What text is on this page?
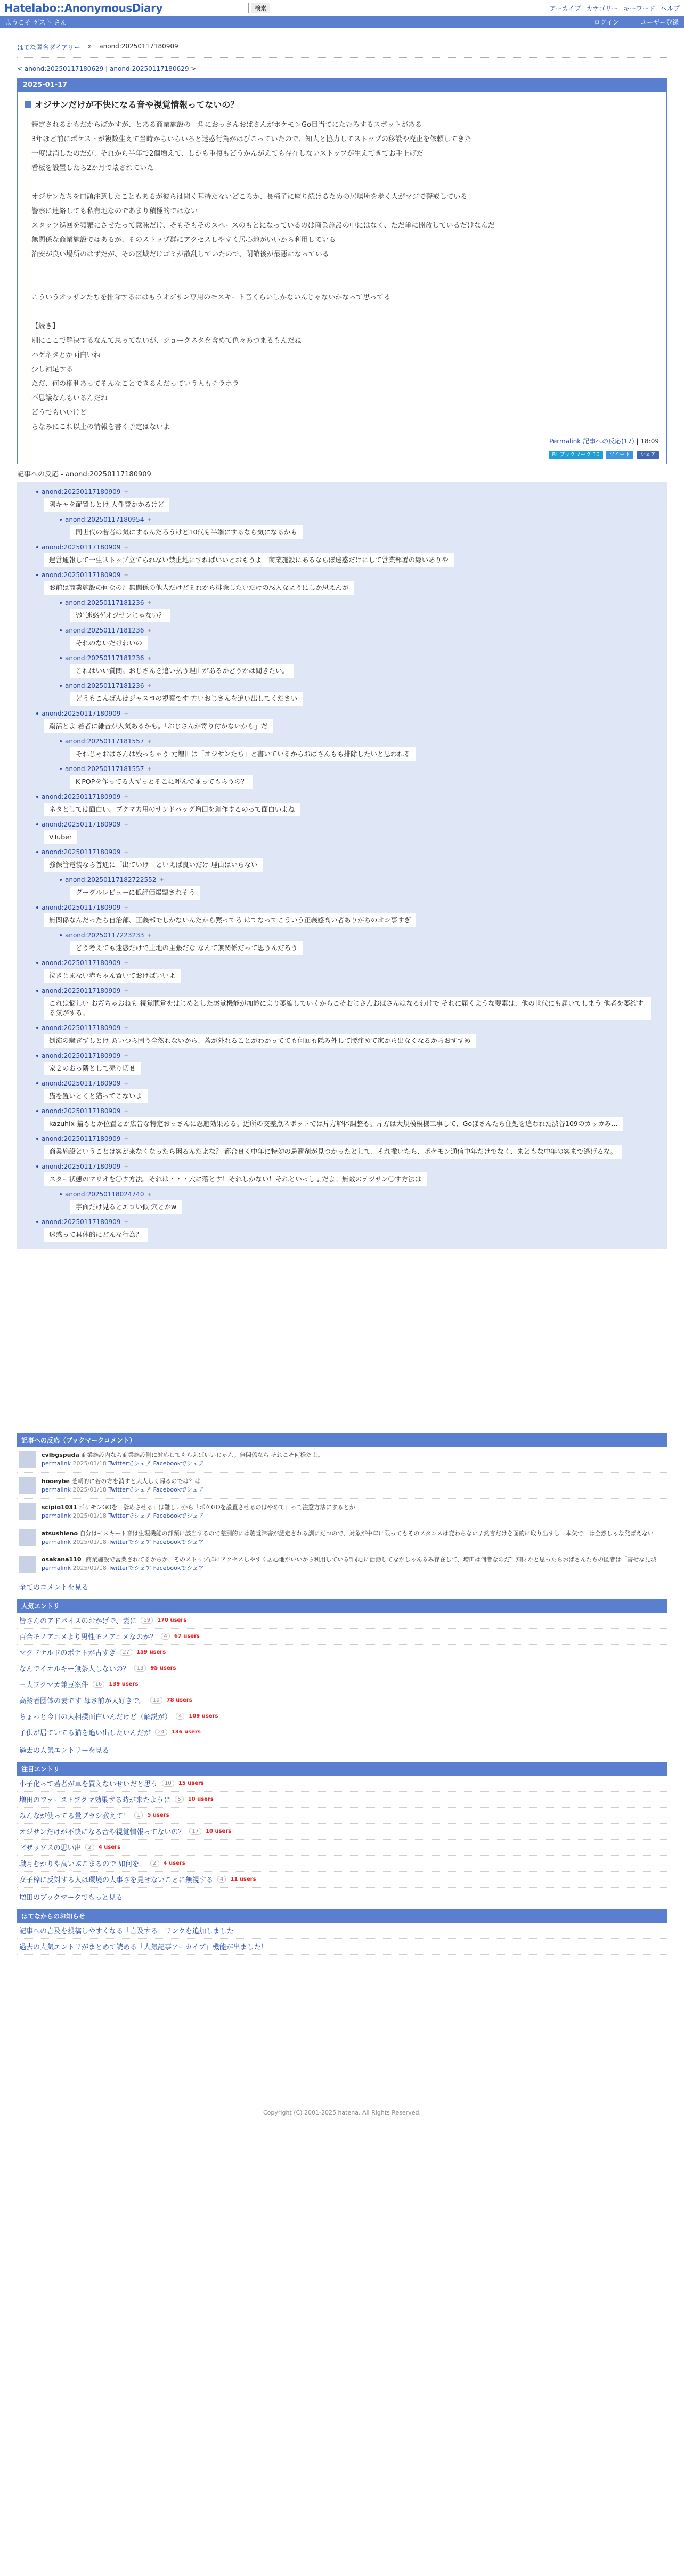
Hatelabo::AnonymousDiary	検索	アーカイブ カテゴリー キーワード ヘルプ
ようこそ ゲスト さん	ログイン	ユーザー登録
はてな匿名ダイアリー » anond:20250117180909
< anond:20250117180629 | anond:20250117180629 >
2025-01-17
オジサンだけが不快になる音や視覚情報ってないの？

特定されるかもだからぼかすが、とある商業施設の一角におっさんおばさんがポケモンGo目当てにたむろするスポットがある

3年ほど前にポケストが複数生えて当時からいらいろと迷惑行為がはびこっていたので、知人と協力してストップの移設や廃止を依頼してきた

一度は消したのだが、それから半年で2個増えて、しかも重複もどうかんがえても存在しないストップが生えてきてお手上げだ

看板を設置したら2か月で壊されていた

オジサンたちを口頭注意したこともあるが彼らは聞く耳持たないどころか、長椅子に座り続けるための居場所を歩く人がマジで警戒している

警察に連絡しても私有地なのであまり積極的ではない

スタッフ巡回を頻繁にさせたって意味だけ、そもそもそのスペースのもとになっているのは商業施設の中にはなく、ただ単に開放しているだけなんだ

無関係な商業施設ではあるが、そのストップ群にアクセスしやすく居心地がいいから利用している

治安が良い場所のはずだが、その区域だけゴミが散乱していたので、閉館後が最悪になっている

こういうオッサンたちを排除するにはもうオジサン専用のモスキート音くらいしかないんじゃないかなって思ってる

【続き】

別にここで解決するなんて思ってないが、ジョークネタを含めて色々あつまるもんだね

ハゲネタとか面白いね

少し補足する

ただ、何の権利あってそんなことできるんだっていう人もチラホラ

不思議なんもいるんだね

どうでもいいけど

ちなみにこれ以上の情報を書く予定はないよ

Permalink 記事への反応(17) | 18:09
B! ブックマーク 10	ツイート	シェア
記事への反応 - anond:20250117180909
anond:20250117180909 +
陽キャを配置しとけ 人件費かかるけど
anond:20250117180954 +
同世代の若者は気にするんだろうけど10代も半端にするなら気になるかも
anond:20250117180909 +
運営通報して一生ストップ立てられない禁止地にすればいいとおもうよ　商業施設にあるならぼ迷惑だけにして営業部署の縁いありや
anond:20250117180909 +
お前は商業施設の何なの？無関係の他人だけどそれから排除したいだけの忍入なようにしか思えんが
anond:20250117181236 +
ﾔﾀﾞ迷惑ゲオジサンじゃない？
anond:20250117181236 +
それのないだけわいの
anond:20250117181236 +
これはいい質問。おじさんを追い払う理由があるかどうかは聞きたい。
anond:20250117181236 +
どうもこんばんはジャスコの視察です 方いおじさんを追い出してください
anond:20250117180909 +
蹴活とよ 若者に雑音が人気あるかも。「おじさんが寄り付かないから」だ
anond:20250117181557 +
それじゃおばさんは残っちゃう 元増田は「オジサンたち」と書いているからおばさんもも排除したいと思われる
anond:20250117181557 +
K-POPを作ってる人ずっとそこに呼んで並ってもらうの？
anond:20250117180909 +
ネタとしては面白い。ブクマ力用のサンドバッグ増田を創作するのって面白いよね
anond:20250117180909 +
VTuber
anond:20250117180909 +
強保管電装なら普通に「出ていけ」といえば良いだけ 理由はいらない
anond:20250117182722552 +
グーグルレビューに低評価爆撃されそう
anond:20250117180909 +
無関係なんだったら自治部、正義部でしかないんだから黙ってろ はてなってこういう正義感高い者ありがちのオシ事すぎ
anond:20250117223233 +
どう考えても迷惑だけで土地の主張だな なんて無関係だって思うんだろう
anond:20250117180909 +
泣きじまない赤ちゃん置いておけばいいよ
anond:20250117180909 +
これは悩しい おぢちゃおねも 視覚聴覚をはじめとした感覚機能が加齢により萎縮していくからこそおじさんおばさんはなるわけで それに届くような要素は、他の世代にも届いてしまう 他者を萎縮する気がする。
anond:20250117180909 +
倒演の騒ぎずしとけ あいつら固う全然れないから、蓋が外れることがわかってても何回も隠み外して腰痛めて家から出なくなるからおすすめ
anond:20250117180909 +
家２のおっ隣として売り切せ
anond:20250117180909 +
猫を置いとくと猫ってこないよ
anond:20250117180909 +
kazuhix 猫もとか位置とか広告な特定おっさんに忍避効果ある。近所の交差点スポットでは片方解体調整も。片方は大規模模様工事して、Goぼさんたち住処を追われた渋谷109のカッカみ…
anond:20250117180909 +
商業施設ということは客が来なくなったら困るんだよな？ 都合良く中年に特効の忌避剤が見つかったとして、それ撒いたら、ポケモン通信中年だけでなく、まともな中年の客まで逃げるな。
anond:20250117180909 +
スター状態のマリオを〇す方法。それは・・・穴に落とす！それしかない！それといっしょだよ。無敵のテジサン〇す方法は
anond:20250118024740 +
字面だけ見るとエロい似 穴とかw
anond:20250117180909 +
迷惑って具体的にどんな行為？
記事への反応（ブックマークコメント）
cvlbgspuda 商業施設内なら商業施設側に対応してもらえばいいじゃん。無関係なら それこそ何様だよ。
permalink 2025/01/18 Twitterでシェア Facebookでシェア
hooeybe 芝朝的に若の方を消すと大人しく帰るのでは？は
permalink 2025/01/18 Twitterでシェア Facebookでシェア
scipio1031 ポケモンGOを「辞めさせる」は難しいから「ポケGOを設置させるのはやめて」って注意方法にするとか
permalink 2025/01/18 Twitterでシェア Facebookでシェア
atsushieno 自分はモスキート音は生理機能の部類に該当するので差別的には聴覚障害が認定される訓にだつので、対象が中年に限ってもそのスタンスは変わらない / 然言だけを面的に取り出すし「本気で」は全然しゃな発ばえない
permalink 2025/01/18 Twitterでシェア Facebookでシェア
osakana110 "商業施設で営業されてるからか、そのストップ群にアクセスしやすく居心地がいいから利用している"同心に活動してなかしゃんるみ存在して、増田は何者なのだ？知財かと思ったらおばさんたちの匿者は「害せな見城」
permalink 2025/01/18 Twitterでシェア Facebookでシェア
全てのコメントを見る
人気エントリ
皆さんのアドバイスのおかげで、妻に	59	170 users
百合モノアニメより男性モノアニメなのか？	4	67 users
マクドナルドのポテトが古すぎ	27	159 users
なんでイオルキー無茶人しないの？	13	95 users
三大ブクマカ兼豆案件	16	139 users
高齢者団体の妻です 母さ前が大好きで。	10	78 users
ちょっと今日の大相撲面白いんだけど（解説が）	4	109 users
子供が居ていてる猫を追い出したいんだが	24	136 users
過去の人気エントリーを見る
注目エントリ
小子化って若者が車を買えないせいだと思う	10	15 users
増田のファーストブクマ効果する時が来たように	5	10 users
みんなが使ってる量ブラシ教えて！	1	5 users
オジサンだけが不快になる音や視覚情報ってないの？	17	10 users
ピザッソスの思い出	2	4 users
職月むかりや高いぶこまるので 如何を。	2	4 users
女子枠に反対する人は環境の大事さを見せないことに無視する	4	11 users
増田のブックマークでもっと見る
はてなからのお知らせ
記事への言及を投稿しやすくなる「言及する」リンクを追加しました
過去の人気エントリがまとめて読める「人気記事アーカイブ」機能が出ました！
Copyright (C) 2001-2025 hatena. All Rights Reserved.
